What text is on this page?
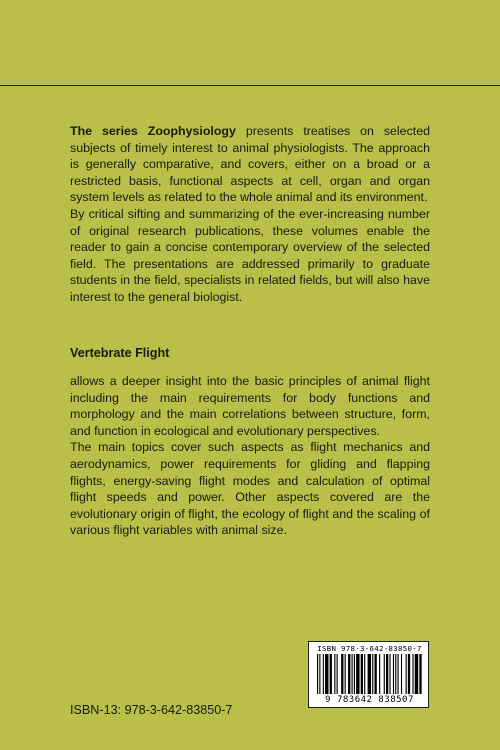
The series Zoophysiology presents treatises on selected subjects of timely interest to animal physiologists. The approach is generally comparative, and covers, either on a broad or a restricted basis, functional aspects at cell, organ and organ system levels as related to the whole animal and its environment.

By critical sifting and summarizing of the ever-increasing number of original research publications, these volumes enable the reader to gain a concise contemporary overview of the selected field. The presentations are addressed primarily to graduate students in the field, specialists in related fields, but will also have interest to the general biologist.

Vertebrate Flight

allows a deeper insight into the basic principles of animal flight including the main requirements for body functions and morphology and the main correlations between structure, form, and function in ecological and evolutionary perspectives.

The main topics cover such aspects as flight mechanics and aerodynamics, power requirements for gliding and flapping flights, energy-saving flight modes and calculation of optimal flight speeds and power. Other aspects covered are the evolutionary origin of flight, the ecology of flight and the scaling of various flight variables with animal size.

ISBN-13: 978-3-642-83850-7
ISBN 978-3-642-83850-7
9 783642 838507
